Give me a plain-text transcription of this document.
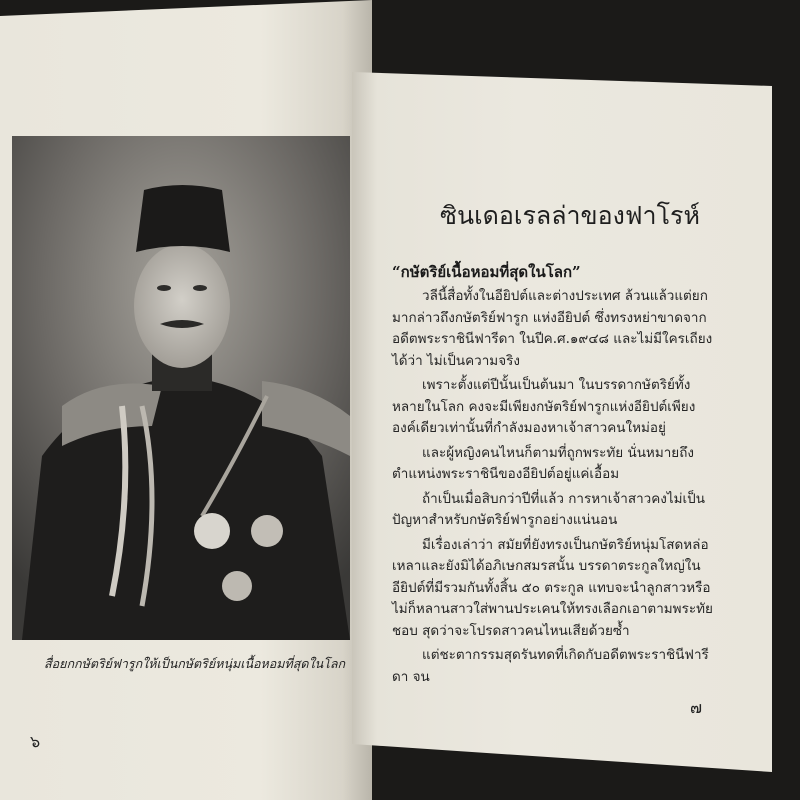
สื่อยกกษัตริย์ฟารูกให้เป็นกษัตริย์หนุ่มเนื้อหอมที่สุดในโลก
๖
ซินเดอเรลล่าของฟาโรห์
“กษัตริย์เนื้อหอมที่สุดในโลก”

วลีนี้สื่อทั้งในอียิปต์และต่างประเทศ ล้วนแล้วแต่ยกมากล่าวถึงกษัตริย์ฟารูก แห่งอียิปต์ ซึ่งทรงหย่าขาดจากอดีตพระราชินีฟารีดา ในปีค.ศ.๑๙๔๘ และไม่มีใครเถียงได้ว่า ไม่เป็นความจริง

เพราะตั้งแต่ปีนั้นเป็นต้นมา ในบรรดากษัตริย์ทั้งหลายในโลก คงจะมีเพียงกษัตริย์ฟารูกแห่งอียิปต์เพียงองค์เดียวเท่านั้นที่กำลังมองหาเจ้าสาวคนใหม่อยู่

และผู้หญิงคนไหนก็ตามที่ถูกพระทัย นั่นหมายถึงตำแหน่งพระราชินีของอียิปต์อยู่แค่เอื้อม

ถ้าเป็นเมื่อสิบกว่าปีที่แล้ว การหาเจ้าสาวคงไม่เป็นปัญหาสำหรับกษัตริย์ฟารูกอย่างแน่นอน

มีเรื่องเล่าว่า สมัยที่ยังทรงเป็นกษัตริย์หนุ่มโสดหล่อเหลาและยังมิได้อภิเษกสมรสนั้น บรรดาตระกูลใหญ่ในอียิปต์ที่มีรวมกันทั้งสิ้น ๕๐ ตระกูล แทบจะนำลูกสาวหรือไม่ก็หลานสาวใส่พานประเคนให้ทรงเลือกเอาตามพระทัยชอบ สุดว่าจะโปรดสาวคนไหนเสียด้วยซ้ำ

แต่ชะตากรรมสุดรันทดที่เกิดกับอดีตพระราชินีฟารีดา จน

๗
